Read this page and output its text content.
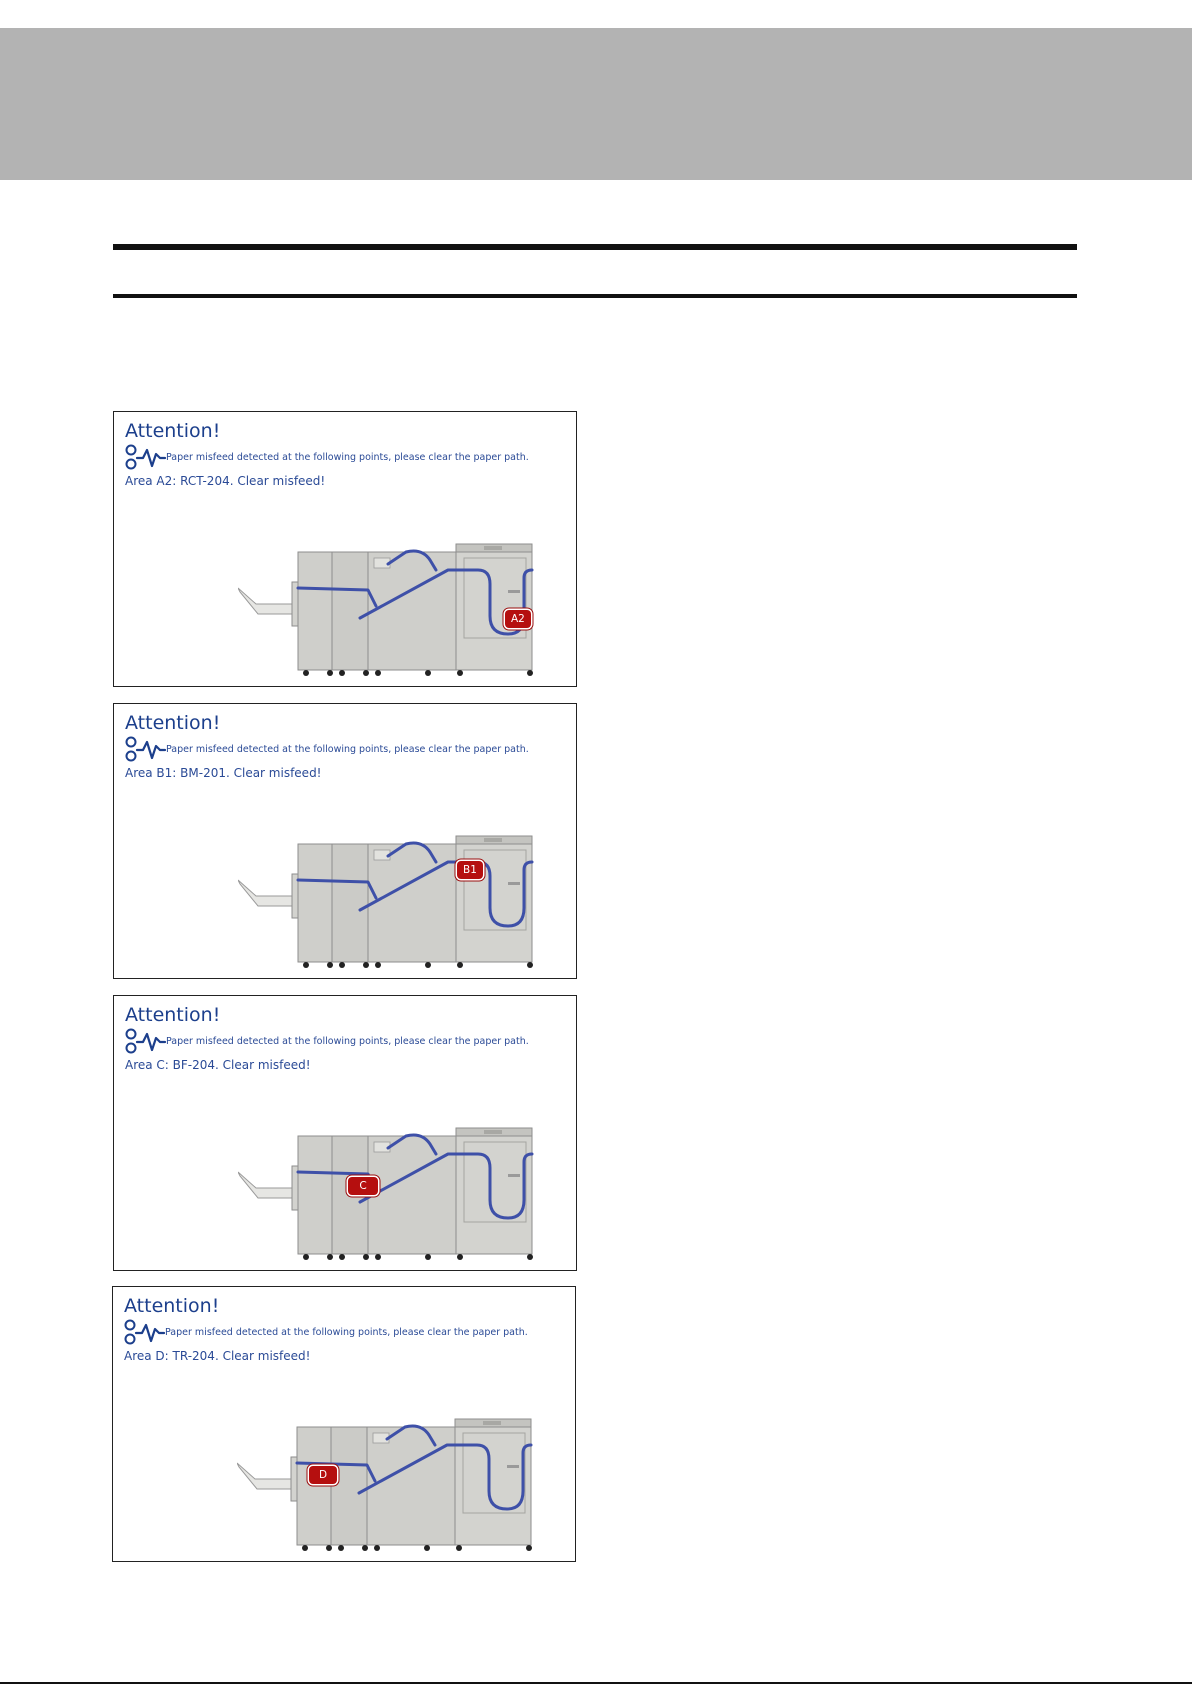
Attention!
Paper misfeed detected at the following points, please clear the paper path.
Area A2: RCT-204. Clear misfeed!
A2
Attention!
Paper misfeed detected at the following points, please clear the paper path.
Area B1: BM-201. Clear misfeed!
B1
Attention!
Paper misfeed detected at the following points, please clear the paper path.
Area C: BF-204. Clear misfeed!
C
Attention!
Paper misfeed detected at the following points, please clear the paper path.
Area D: TR-204. Clear misfeed!
D
